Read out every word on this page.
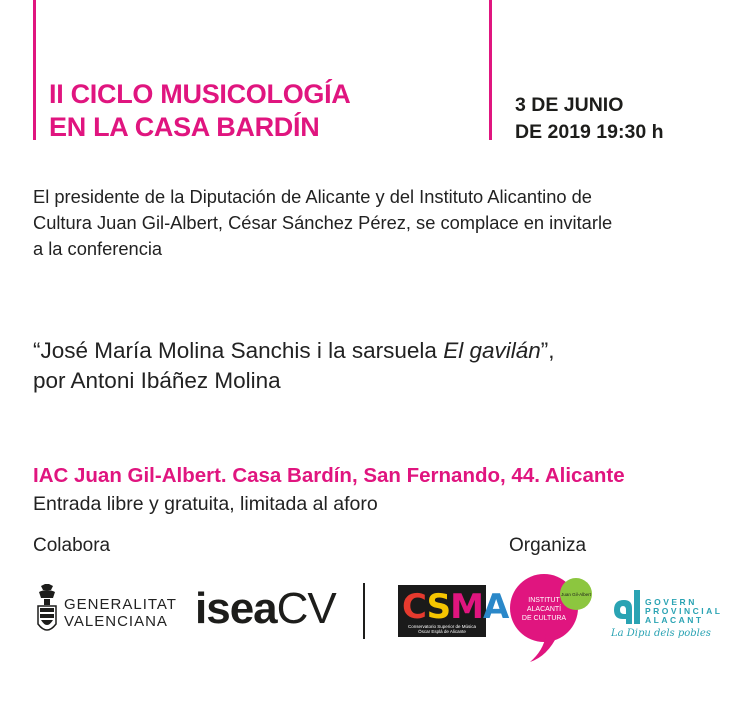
II CICLO MUSICOLOGÍA
EN LA CASA BARDÍN
3 DE JUNIO
DE 2019 19:30 h

El presidente de la Diputación de Alicante y del Instituto Alicantino de
Cultura Juan Gil-Albert, César Sánchez Pérez, se complace en invitarle
a la conferencia

“José María Molina Sanchis i la sarsuela El gavilán”,
por Antoni Ibáñez Molina

IAC Juan Gil-Albert. Casa Bardín, San Fernando, 44. Alicante

Entrada libre y gratuita, limitada al aforo

Colabora	Organiza

GENERALITAT
VALENCIANA iseaCV CSMA
Conservatorio Superior de Música Óscar Esplá de Alicante
INSTITUT
ALACANTÍ
DE CULTURA
Juan Gil-Albert
GOVERN
PROVINCIAL
ALACANT
La Dipu dels pobles
